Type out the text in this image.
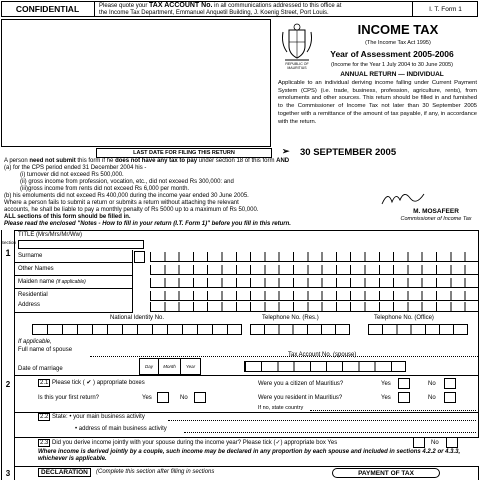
CONFIDENTIAL	Please quote your TAX ACCOUNT No. in all communications addressed to this office at
the Income Tax Department, Emmanuel Anquetil Building, J. Koenig Street, Port Louis.
I. T. Form 1
REPUBLIC OF MAURITIUS
INCOME TAX
(The Income Tax Act 1995)
Year of Assessment 2005-2006
(Income for the Year 1 July 2004 to 30 June 2005)
ANNUAL RETURN — INDIVIDUAL
Applicable to an individual deriving income falling under Current Payment System (CPS) (i.e. trade, business, profession, agriculture, rents), from emoluments and other sources. This return should be filled in and furnished to the Commissioner of Income Tax not later than 30 September 2005 together with a remittance of the amount of tax payable, if any, in accordance with the return.
LAST DATE FOR FILING THIS RETURN	➢ 30 SEPTEMBER 2005
A person need not submit this form if he does not have any tax to pay under section 18 of this form AND
(a) for the CPS period ended 31 December 2004 his -
(i) turnover did not exceed Rs 500,000.
(ii) gross income from profession, vocation, etc., did not exceed Rs 300,000: and
(iii)gross income from rents did not exceed Rs 6,000 per month.
(b) his emoluments did not exceed Rs 400,000 during the income year ended 30 June 2005.
Where a person fails to submit a return or submits a return without attaching the relevant
accounts, he shall be liable to pay a monthly penalty of Rs 5000 up to a maximum of Rs 50,000.
ALL sections of this form should be filled in.
Please read the enclosed "Notes - How to fill in your return (I.T. Form 1)" before you fill in this return.
M. MOSAFEER
Commissioner of Income Tax
Section
1
TITLE (Mrs/Mrs/Mr/Ww)
Surname
Other Names
Maiden name (if applicable)
Residential
Address
National Identity No.	Telephone No. (Res.)	Telephone No. (Office)
If applicable,
Full name of spouse
Day	Month	Year
Date of marriage
Tax Account No. (spouse)
2	2.1 Please tick ( ✔ ) appropriate boxes	Were you a citizen of Mauritius?	Yes	No
Is this your first return?	Yes	No	Were you resident in Mauritius?	Yes	No
If no, state country
2.2 State: • your main business activity
• address of main business activity
2.3 Did you derive income jointly with your spouse during the income year? Please tick (✓) appropriate box Yes	No
Where income is derived jointly by a couple, such income may be declared in any proportion by each spouse and included in sections 4.2.2 or 4.3.3, whichever is applicable.
3	DECLARATION	(Complete this section after filling in sections	PAYMENT OF TAX
